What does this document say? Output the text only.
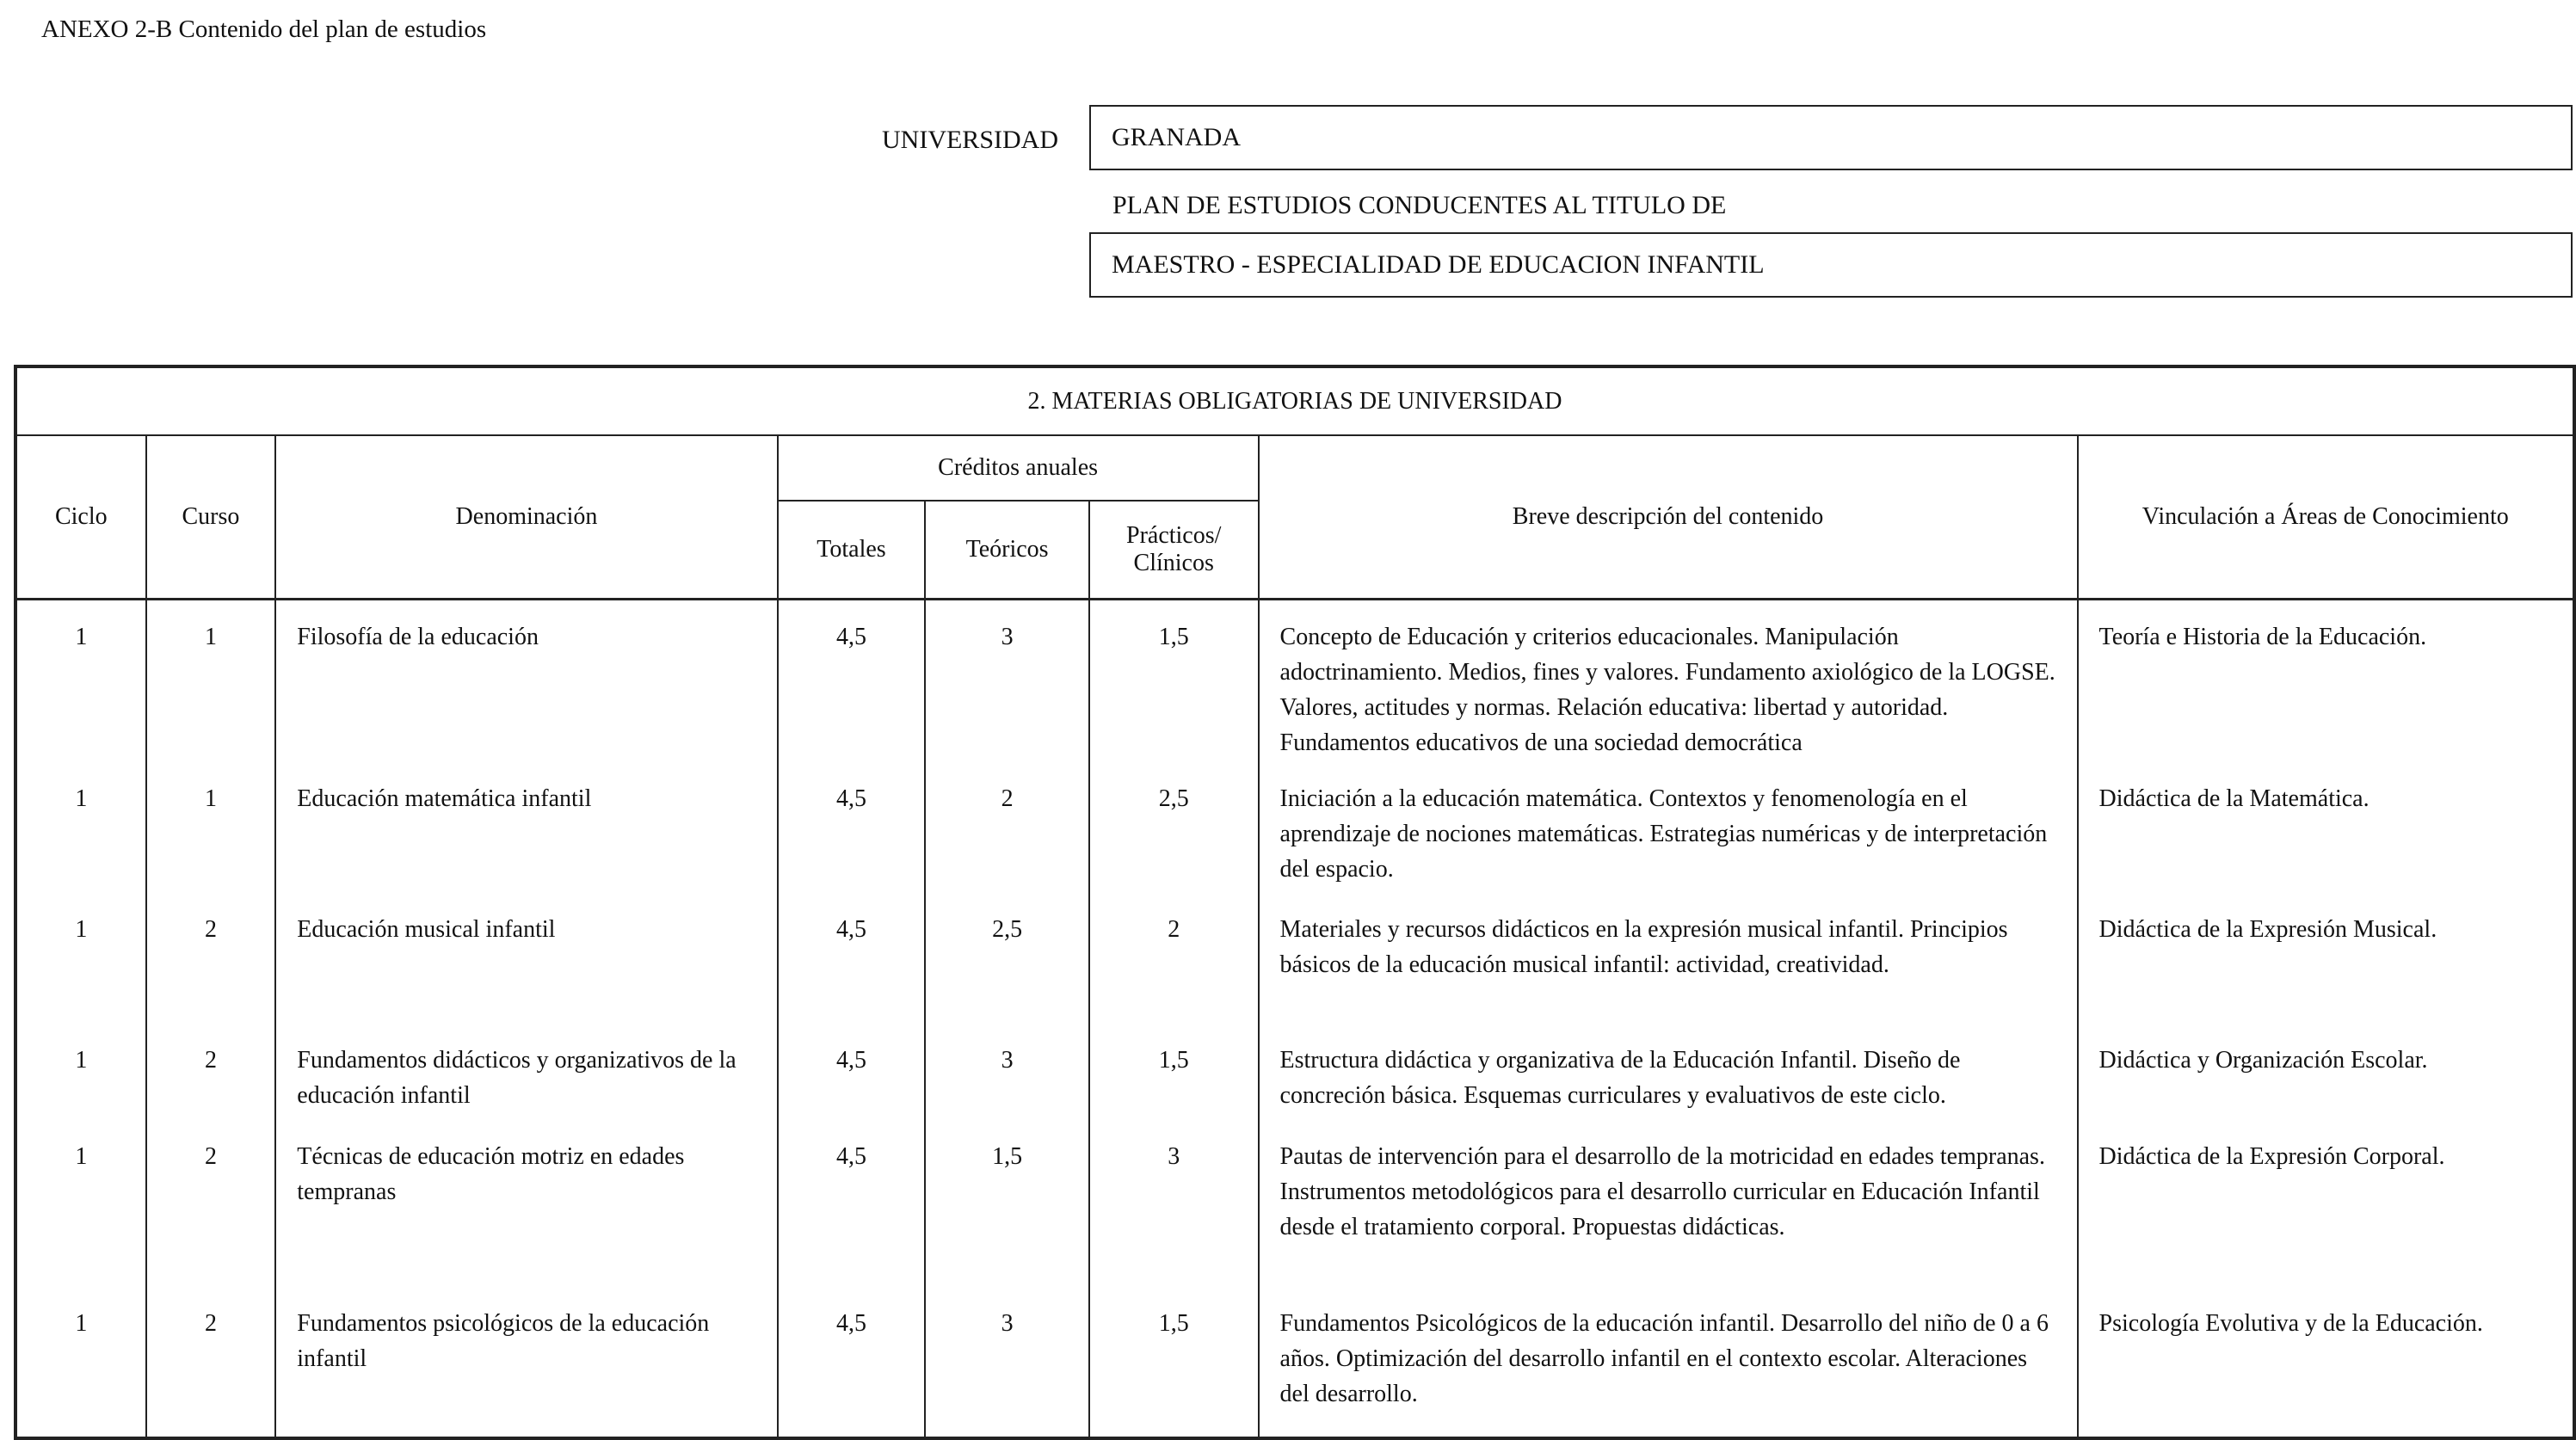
ANEXO 2-B Contenido del plan de estudios
UNIVERSIDAD GRANADA
PLAN DE ESTUDIOS CONDUCENTES AL TITULO DE
MAESTRO - ESPECIALIDAD DE EDUCACION INFANTIL
2. MATERIAS OBLIGATORIAS DE UNIVERSIDAD							
Ciclo	Curso	Denominación	Créditos anuales			Breve descripción del contenido	Vinculación a Áreas de Conocimiento
			Totales	Teóricos	Prácticos/
Clínicos		

1	1	Filosofía de la educación	4,5	3	1,5	Concepto de Educación y criterios educacionales. Manipulación adoctrinamiento. Medios, fines y valores. Fundamento axiológico de la LOGSE. Valores, actitudes y normas. Relación educativa: libertad y autoridad. Fundamentos educativos de una sociedad democrática	Teoría e Historia de la Educación.
1	1	Educación matemática infantil	4,5	2	2,5	Iniciación a la educación matemática. Contextos y fenomenología en el aprendizaje de nociones matemáticas. Estrategias numéricas y de interpretación del espacio.	Didáctica de la Matemática.
1	2	Educación musical infantil	4,5	2,5	2	Materiales y recursos didácticos en la expresión musical infantil. Principios básicos de la educación musical infantil: actividad, creatividad.	Didáctica de la Expresión Musical.
1	2	Fundamentos didácticos y organizativos de la educación infantil	4,5	3	1,5	Estructura didáctica y organizativa de la Educación Infantil. Diseño de concreción básica. Esquemas curriculares y evaluativos de este ciclo.	Didáctica y Organización Escolar.
1	2	Técnicas de educación motriz en edades tempranas	4,5	1,5	3	Pautas de intervención para el desarrollo de la motricidad en edades tempranas. Instrumentos metodológicos para el desarrollo curricular en Educación Infantil desde el tratamiento corporal. Propuestas didácticas.	Didáctica de la Expresión Corporal.
1	2	Fundamentos psicológicos de la educación infantil	4,5	3	1,5	Fundamentos Psicológicos de la educación infantil. Desarrollo del niño de 0 a 6 años. Optimización del desarrollo infantil en el contexto escolar. Alteraciones del desarrollo.	Psicología Evolutiva y de la Educación.
